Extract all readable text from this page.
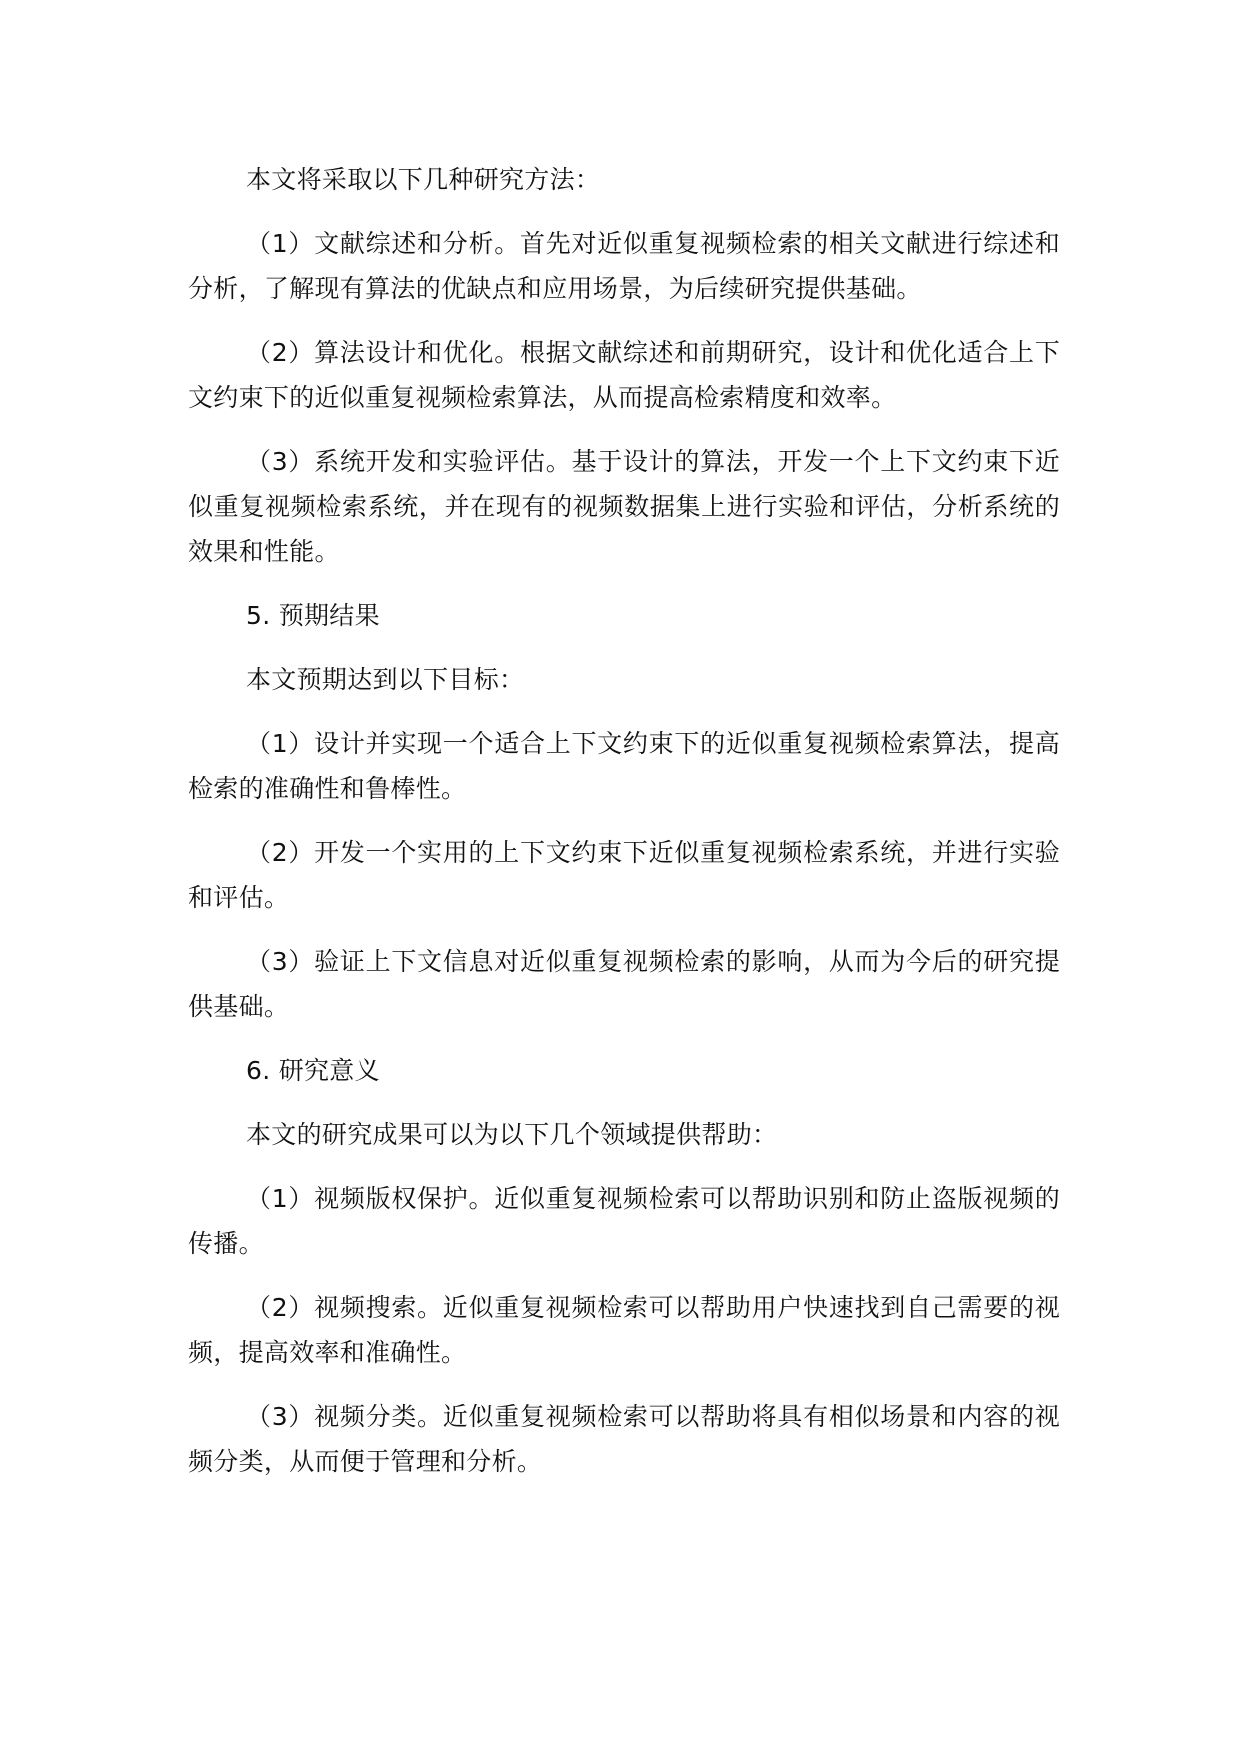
本文将采取以下几种研究方法：

（1）文献综述和分析。首先对近似重复视频检索的相关文献进行综述和分析，了解现有算法的优缺点和应用场景，为后续研究提供基础。

（2）算法设计和优化。根据文献综述和前期研究，设计和优化适合上下文约束下的近似重复视频检索算法，从而提高检索精度和效率。

（3）系统开发和实验评估。基于设计的算法，开发一个上下文约束下近似重复视频检索系统，并在现有的视频数据集上进行实验和评估，分析系统的效果和性能。

5. 预期结果

本文预期达到以下目标：

（1）设计并实现一个适合上下文约束下的近似重复视频检索算法，提高检索的准确性和鲁棒性。

（2）开发一个实用的上下文约束下近似重复视频检索系统，并进行实验和评估。

（3）验证上下文信息对近似重复视频检索的影响，从而为今后的研究提供基础。

6. 研究意义

本文的研究成果可以为以下几个领域提供帮助：

（1）视频版权保护。近似重复视频检索可以帮助识别和防止盗版视频的传播。

（2）视频搜索。近似重复视频检索可以帮助用户快速找到自己需要的视频，提高效率和准确性。

（3）视频分类。近似重复视频检索可以帮助将具有相似场景和内容的视频分类，从而便于管理和分析。
